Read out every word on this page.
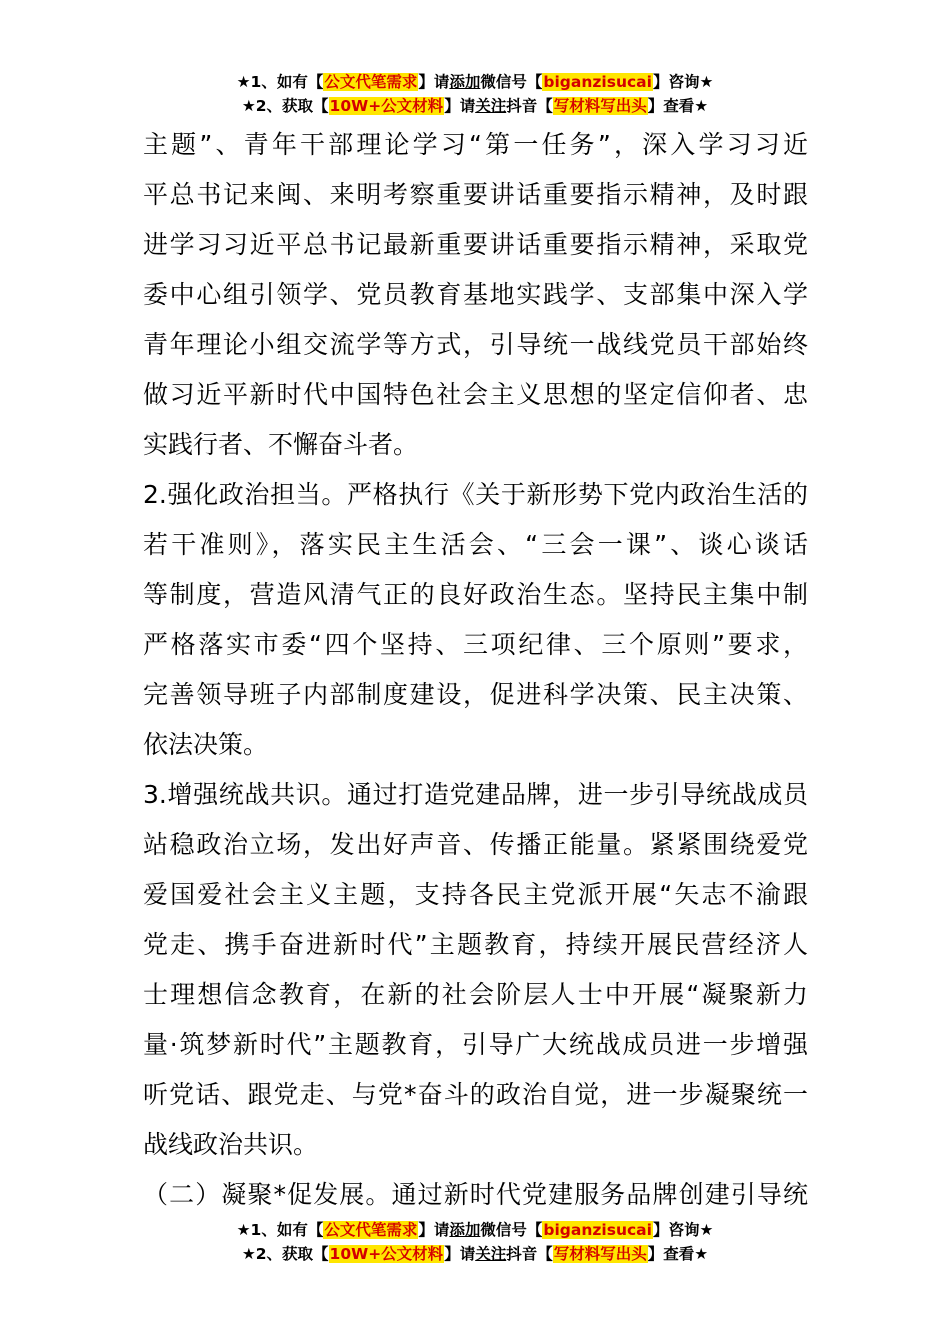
★1、如有【公文代笔需求】请添加微信号【biganzisucai】咨询★
★2、获取【10W+公文材料】请关注抖音【写材料写出头】查看★

主题”、青年干部理论学习“第一任务”，深入学习习近
平总书记来闽、来明考察重要讲话重要指示精神，及时跟
进学习习近平总书记最新重要讲话重要指示精神，采取党
委中心组引领学、党员教育基地实践学、支部集中深入学
青年理论小组交流学等方式，引导统一战线党员干部始终
做习近平新时代中国特色社会主义思想的坚定信仰者、忠
实践行者、不懈奋斗者。

2.强化政治担当。严格执行《关于新形势下党内政治生活的
若干准则》，落实民主生活会、“三会一课”、谈心谈话
等制度，营造风清气正的良好政治生态。坚持民主集中制
严格落实市委“四个坚持、三项纪律、三个原则”要求，
完善领导班子内部制度建设，促进科学决策、民主决策、
依法决策。

3.增强统战共识。通过打造党建品牌，进一步引导统战成员
站稳政治立场，发出好声音、传播正能量。紧紧围绕爱党
爱国爱社会主义主题，支持各民主党派开展“矢志不渝跟
党走、携手奋进新时代”主题教育，持续开展民营经济人
士理想信念教育，在新的社会阶层人士中开展“凝聚新力
量·筑梦新时代”主题教育，引导广大统战成员进一步增强
听党话、跟党走、与党*奋斗的政治自觉，进一步凝聚统一
战线政治共识。

（二）凝聚*促发展。通过新时代党建服务品牌创建引导统

★1、如有【公文代笔需求】请添加微信号【biganzisucai】咨询★
★2、获取【10W+公文材料】请关注抖音【写材料写出头】查看★
